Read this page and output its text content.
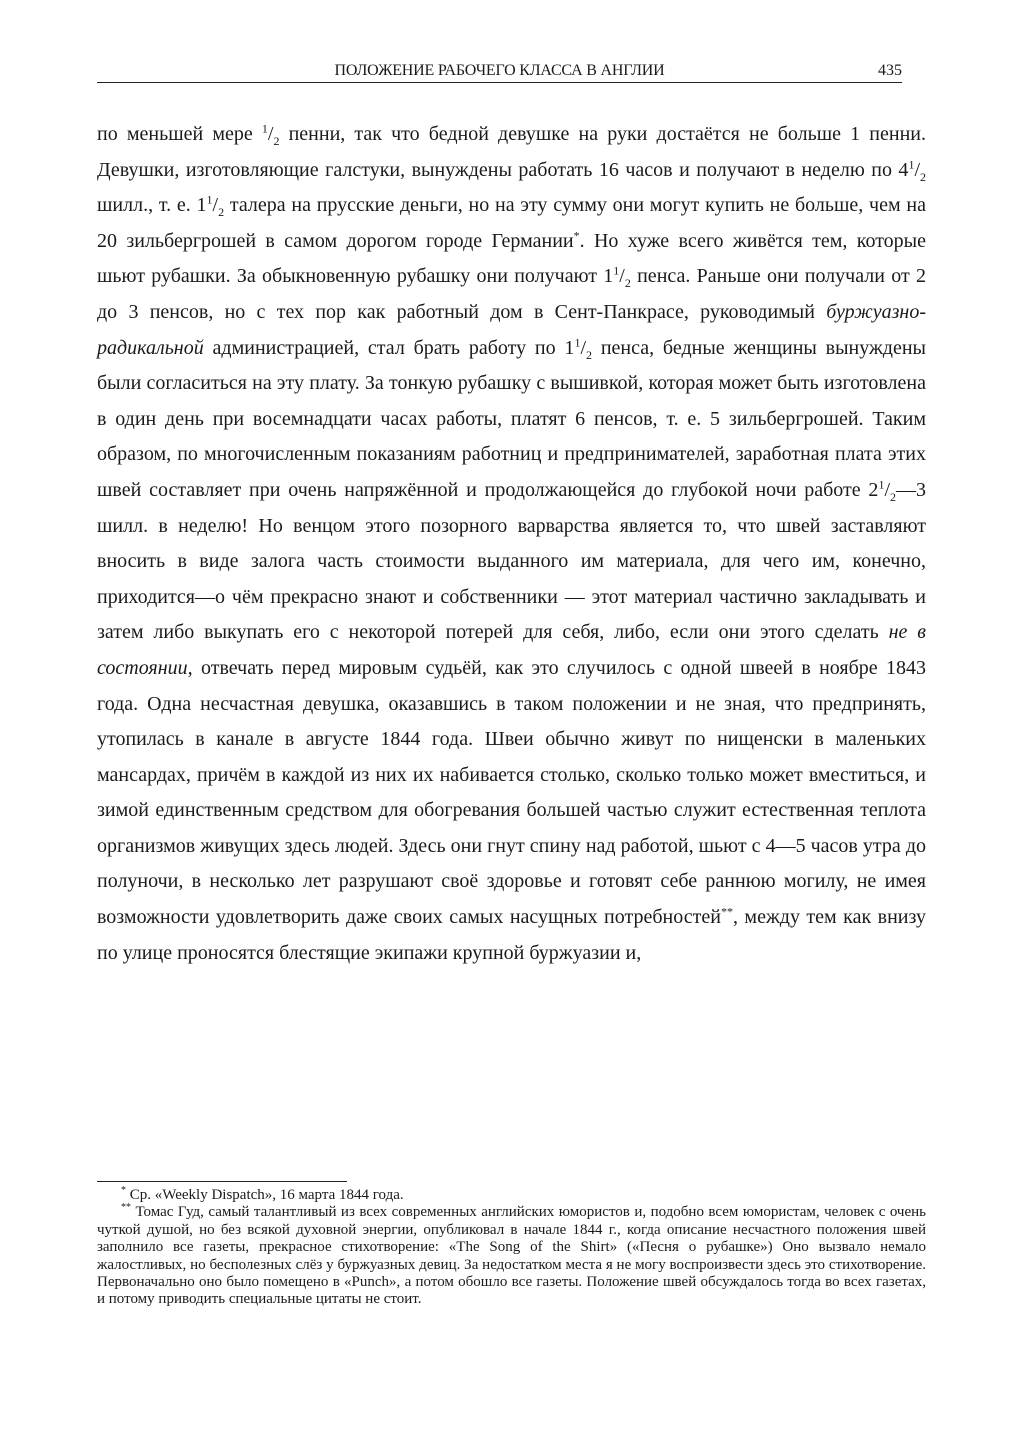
ПОЛОЖЕНИЕ РАБОЧЕГО КЛАССА В АНГЛИИ	435

по меньшей мере $^1/_2$ пенни, так что бедной девушке на руки достаётся не больше 1 пенни. Девушки, изготовляющие галстуки, вынуждены работать 16 часов и получают в неделю по $4^1/_2$ шилл., т. е. $1^1/_2$ талера на прусские деньги, но на эту сумму они могут купить не больше, чем на 20 зильбергрошей в самом дорогом городе Германии*. Но хуже всего живётся тем, которые шьют рубашки. За обыкновенную рубашку они получают $1^1/_2$ пенса. Раньше они получали от 2 до 3 пенсов, но с тех пор как работный дом в Сент-Панкрасе, руководимый буржуазно-радикальной администрацией, стал брать работу по $1^1/_2$ пенса, бедные женщины вынуждены были согласиться на эту плату. За тонкую рубашку с вышивкой, которая может быть изготовлена в один день при восемнадцати часах работы, платят 6 пенсов, т. е. 5 зильбергрошей. Таким образом, по многочисленным показаниям работниц и предпринимателей, заработная плата этих швей составляет при очень напряжённой и продолжающейся до глубокой ночи работе $2^1/_2—3$ шилл. в неделю! Но венцом этого позорного варварства является то, что швей заставляют вносить в виде залога часть стоимости выданного им материала, для чего им, конечно, приходится—о чём прекрасно знают и собственники — этот материал частично закладывать и затем либо выкупать его с некоторой потерей для себя, либо, если они этого сделать не в состоянии, отвечать перед мировым судьёй, как это случилось с одной швеей в ноябре 1843 года. Одна несчастная девушка, оказавшись в таком положении и не зная, что предпринять, утопилась в канале в августе 1844 года. Швеи обычно живут по нищенски в маленьких мансардах, причём в каждой из них их набивается столько, сколько только может вместиться, и зимой единственным средством для обогревания большей частью служит естественная теплота организмов живущих здесь людей. Здесь они гнут спину над работой, шьют с 4—5 часов утра до полуночи, в несколько лет разрушают своё здоровье и готовят себе раннюю могилу, не имея возможности удовлетворить даже своих самых насущных потребностей**, между тем как внизу по улице проносятся блестящие экипажи крупной буржуазии и,

* Ср. «Weekly Dispatch», 16 марта 1844 года.

** Томас Гуд, самый талантливый из всех современных английских юмористов и, подобно всем юмористам, человек с очень чуткой душой, но без всякой духовной энергии, опубликовал в начале 1844 г., когда описание несчастного положения швей заполнило все газеты, прекрасное стихотворение: «The Song of the Shirt» («Песня о рубашке») Оно вызвало немало жалостливых, но бесполезных слёз у буржуазных девиц. За недостатком места я не могу воспроизвести здесь это стихотворение. Первоначально оно было помещено в «Punch», а потом обошло все газеты. Положение швей обсуждалось тогда во всех газетах, и потому приводить специальные цитаты не стоит.
